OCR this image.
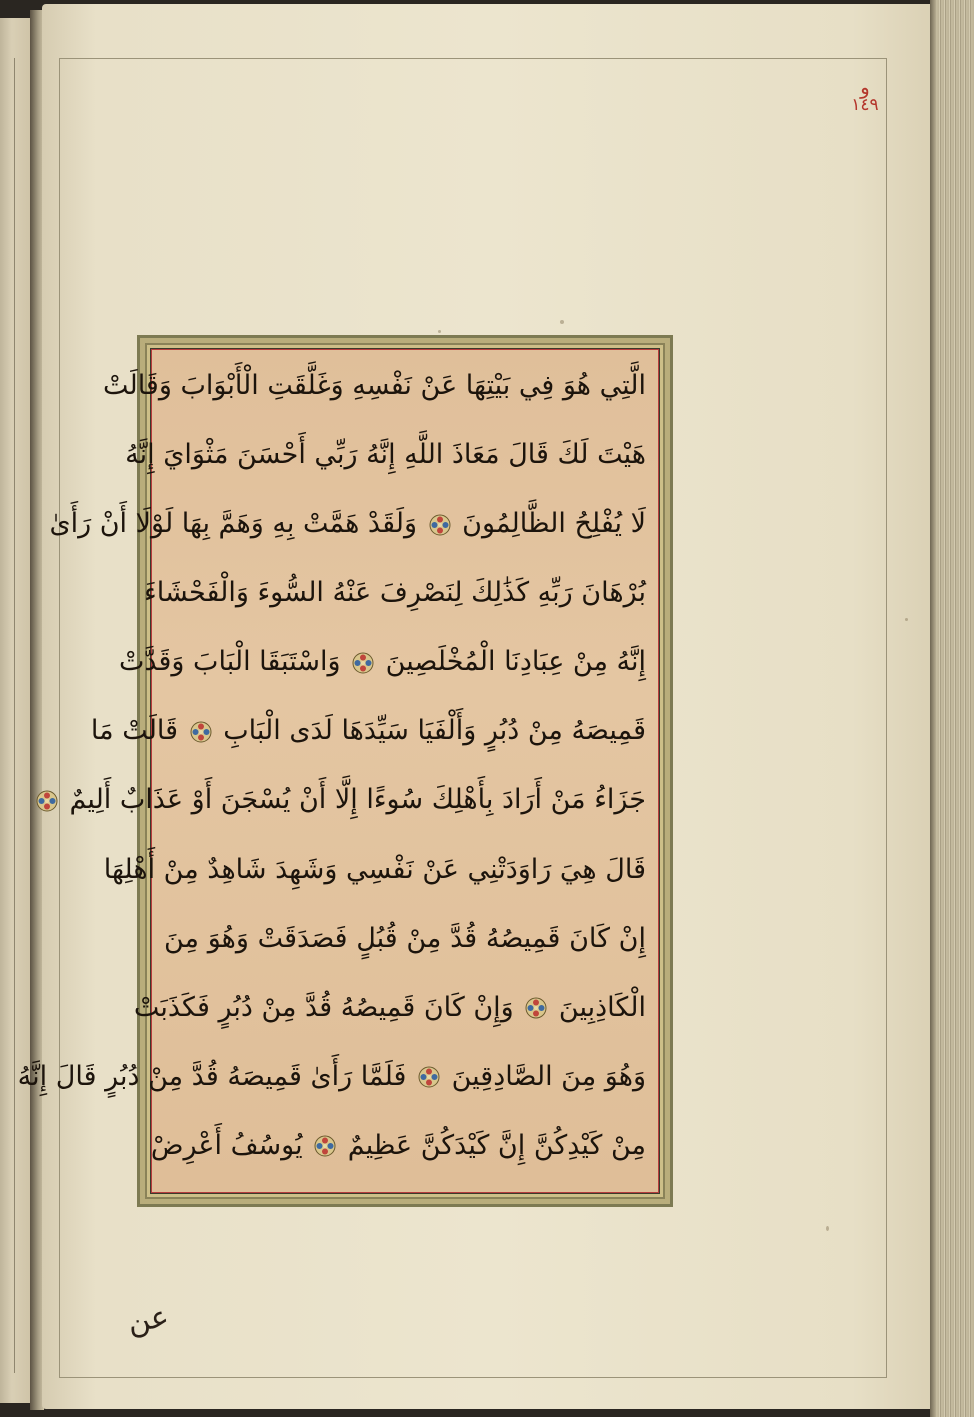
و
١٤٩
الَّتِي هُوَ فِي بَيْتِهَا عَنْ نَفْسِهِ وَغَلَّقَتِ الْأَبْوَابَ وَقَالَتْ
هَيْتَ لَكَ قَالَ مَعَاذَ اللَّهِ إِنَّهُ رَبِّي أَحْسَنَ مَثْوَايَ إِنَّهُ
لَا يُفْلِحُ الظَّالِمُونَ
وَلَقَدْ هَمَّتْ بِهِ وَهَمَّ بِهَا لَوْلَا أَنْ رَأَىٰ
بُرْهَانَ رَبِّهِ كَذَٰلِكَ لِنَصْرِفَ عَنْهُ السُّوءَ وَالْفَحْشَاءَ
إِنَّهُ مِنْ عِبَادِنَا الْمُخْلَصِينَ
وَاسْتَبَقَا الْبَابَ وَقَدَّتْ
قَمِيصَهُ مِنْ دُبُرٍ وَأَلْفَيَا سَيِّدَهَا لَدَى الْبَابِ
قَالَتْ مَا
جَزَاءُ مَنْ أَرَادَ بِأَهْلِكَ سُوءًا إِلَّا أَنْ يُسْجَنَ أَوْ عَذَابٌ أَلِيمٌ
قَالَ هِيَ رَاوَدَتْنِي عَنْ نَفْسِي وَشَهِدَ شَاهِدٌ مِنْ أَهْلِهَا
إِنْ كَانَ قَمِيصُهُ قُدَّ مِنْ قُبُلٍ فَصَدَقَتْ وَهُوَ مِنَ
الْكَاذِبِينَ
وَإِنْ كَانَ قَمِيصُهُ قُدَّ مِنْ دُبُرٍ فَكَذَبَتْ
وَهُوَ مِنَ الصَّادِقِينَ
فَلَمَّا رَأَىٰ قَمِيصَهُ قُدَّ مِنْ دُبُرٍ قَالَ إِنَّهُ
مِنْ كَيْدِكُنَّ إِنَّ كَيْدَكُنَّ عَظِيمٌ
يُوسُفُ أَعْرِضْ
عن
